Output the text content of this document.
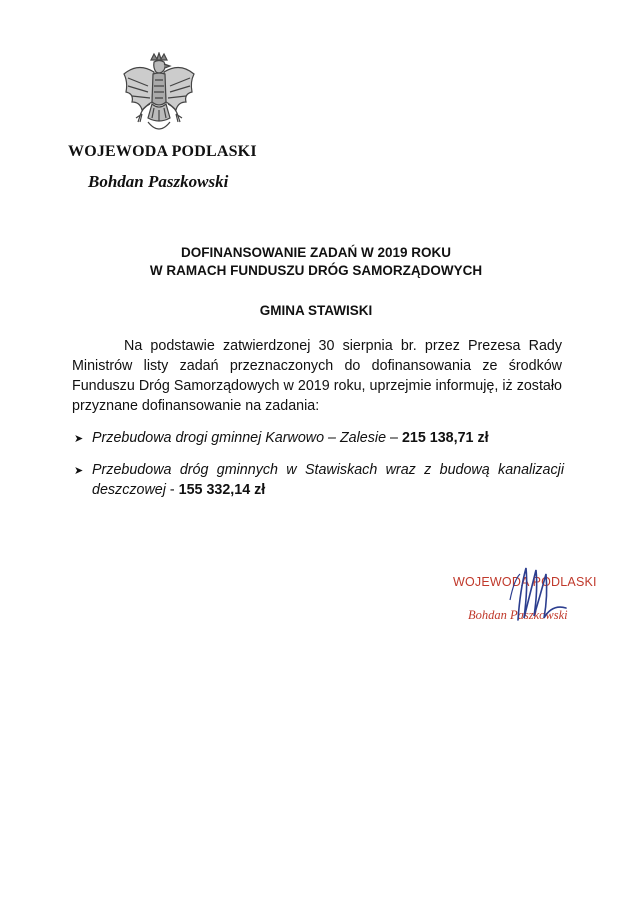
WOJEWODA PODLASKI
Bohdan Paszkowski
DOFINANSOWANIE ZADAŃ W 2019 ROKU
W RAMACH FUNDUSZU DRÓG SAMORZĄDOWYCH
GMINA STAWISKI
Na podstawie zatwierdzonej 30 sierpnia br. przez Prezesa Rady Ministrów listy zadań przeznaczonych do dofinansowania ze środków Funduszu Dróg Samorządowych w 2019 roku, uprzejmie informuję, iż zostało przyznane dofinansowanie na zadania:
➤ Przebudowa drogi gminnej Karwowo – Zalesie – 215 138,71 zł
➤ Przebudowa dróg gminnych w Stawiskach wraz z budową kanalizacji deszczowej - 155 332,14 zł
WOJEWODA PODLASKI
Bohdan Paszkowski
